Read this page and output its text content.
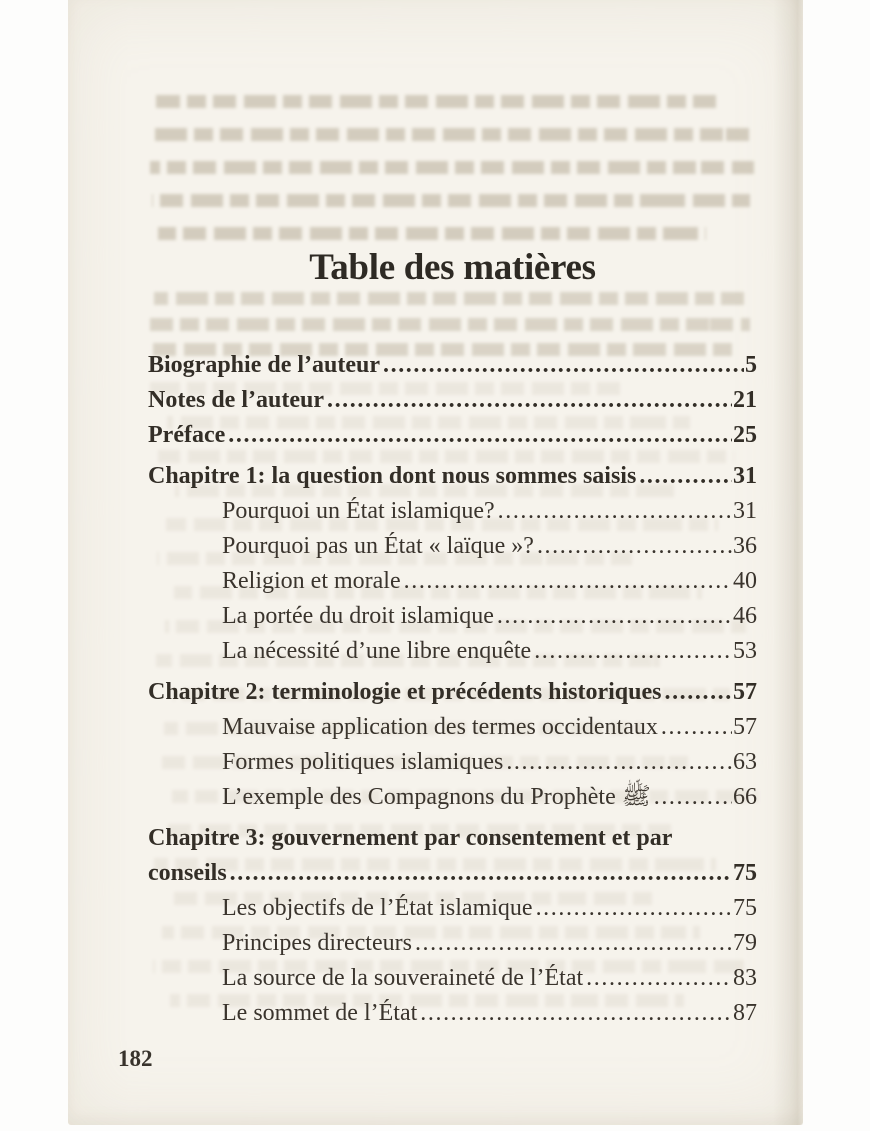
Table des matières
Biographie de l’auteur .....	5
Notes de l’auteur .....	21
Préface .....	25
Chapitre 1: la question dont nous sommes saisis .....	31
Pourquoi un État islamique? .....	31
Pourquoi pas un État « laïque »? .....	36
Religion et morale .....	40
La portée du droit islamique .....	46
La nécessité d’une libre enquête .....	53
Chapitre 2: terminologie et précédents historiques .....	57
Mauvaise application des termes occidentaux .....	57
Formes politiques islamiques .....	63
L’exemple des Compagnons du Prophète ﷺ .....	66
Chapitre 3: gouvernement par consentement et par
conseils .....	75
Les objectifs de l’État islamique .....	75
Principes directeurs .....	79
La source de la souveraineté de l’État .....	83
Le sommet de l’État .....	87
182
